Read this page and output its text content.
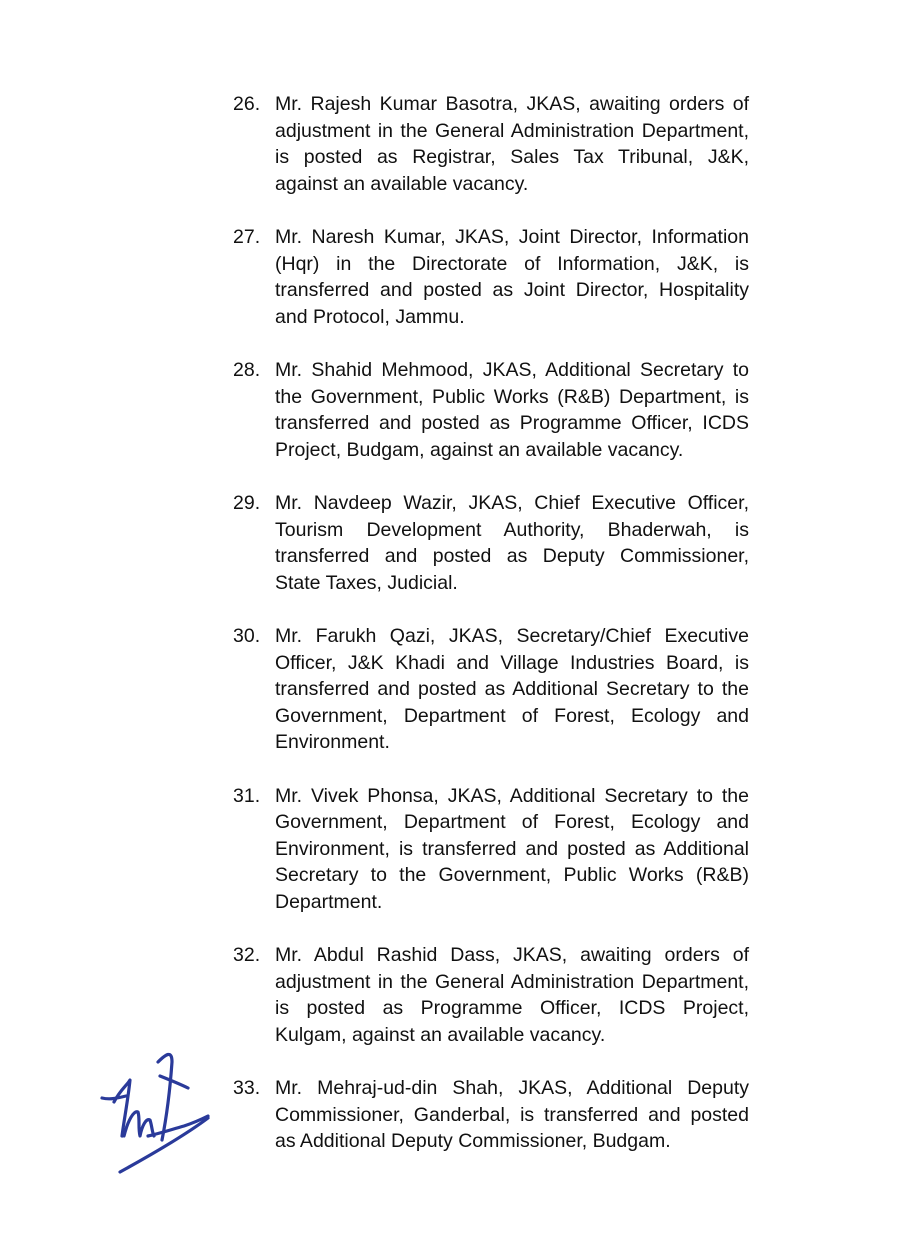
26. Mr. Rajesh Kumar Basotra, JKAS, awaiting orders of adjustment in the General Administration Department, is posted as Registrar, Sales Tax Tribunal, J&K, against an available vacancy.
27. Mr. Naresh Kumar, JKAS, Joint Director, Information (Hqr) in the Directorate of Information, J&K, is transferred and posted as Joint Director, Hospitality and Protocol, Jammu.
28. Mr. Shahid Mehmood, JKAS, Additional Secretary to the Government, Public Works (R&B) Department, is transferred and posted as Programme Officer, ICDS Project, Budgam, against an available vacancy.
29. Mr. Navdeep Wazir, JKAS, Chief Executive Officer, Tourism Development Authority, Bhaderwah, is transferred and posted as Deputy Commissioner, State Taxes, Judicial.
30. Mr. Farukh Qazi, JKAS, Secretary/Chief Executive Officer, J&K Khadi and Village Industries Board, is transferred and posted as Additional Secretary to the Government, Department of Forest, Ecology and Environment.
31. Mr. Vivek Phonsa, JKAS, Additional Secretary to the Government, Department of Forest, Ecology and Environment, is transferred and posted as Additional Secretary to the Government, Public Works (R&B) Department.
32. Mr. Abdul Rashid Dass, JKAS, awaiting orders of adjustment in the General Administration Department, is posted as Programme Officer, ICDS Project, Kulgam, against an available vacancy.
33. Mr. Mehraj-ud-din Shah, JKAS, Additional Deputy Commissioner, Ganderbal, is transferred and posted as Additional Deputy Commissioner, Budgam.
